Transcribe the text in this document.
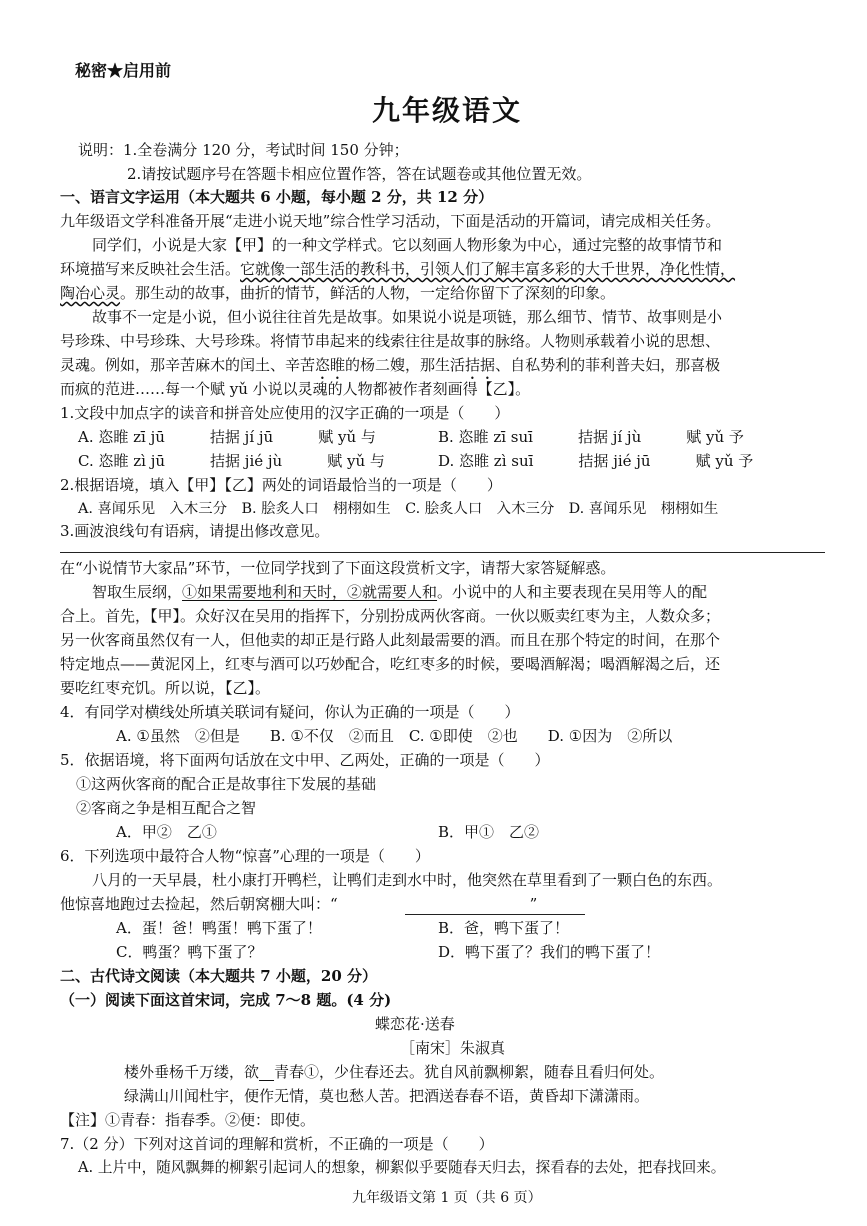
秘密★启用前
九年级语文
说明：1.全卷满分 120 分，考试时间 150 分钟；
2.请按试题序号在答题卡相应位置作答，答在试题卷或其他位置无效。
一、语言文字运用（本大题共 6 小题，每小题 2 分，共 12 分）
九年级语文学科准备开展“走进小说天地”综合性学习活动，下面是活动的开篇词，请完成相关任务。
同学们，小说是大家【甲】的一种文学样式。它以刻画人物形象为中心，通过完整的故事情节和
环境描写来反映社会生活。它就像一部生活的教科书，引领人们了解丰富多彩的大千世界，净化性情，
陶冶心灵。那生动的故事，曲折的情节，鲜活的人物，一定给你留下了深刻的印象。
故事不一定是小说，但小说往往首先是故事。如果说小说是项链，那么细节、情节、故事则是小
号珍珠、中号珍珠、大号珍珠。将情节串起来的线索往往是故事的脉络。人物则承载着小说的思想、
灵魂。例如，那辛苦麻木的闰土、辛苦恣睢的杨二嫂，那生活拮据、自私势利的菲利普夫妇，那喜极
而疯的范进……每一个赋 yǔ 小说以灵魂的人物都被作者刻画得【乙】。
1.文段中加点字的读音和拼音处应使用的汉字正确的一项是（　　）
A. 恣睢 zī jū　　　拮据 jí jū　　　赋 yǔ 与	B. 恣睢 zī suī　　　拮据 jí jù　　　赋 yǔ 予
C. 恣睢 zì jū　　　拮据 jié jù　　　赋 yǔ 与	D. 恣睢 zì suī　　　拮据 jié jū　　　赋 yǔ 予
2.根据语境，填入【甲】【乙】两处的词语最恰当的一项是（　　）
A. 喜闻乐见　入木三分　B. 脍炙人口　栩栩如生　C. 脍炙人口　入木三分　D. 喜闻乐见　栩栩如生
3.画波浪线句有语病，请提出修改意见。
在“小说情节大家品”环节，一位同学找到了下面这段赏析文字，请帮大家答疑解惑。
智取生辰纲，①如果需要地利和天时，②就需要人和。小说中的人和主要表现在吴用等人的配
合上。首先，【甲】。众好汉在吴用的指挥下，分别扮成两伙客商。一伙以贩卖红枣为主，人数众多；
另一伙客商虽然仅有一人，但他卖的却正是行路人此刻最需要的酒。而且在那个特定的时间，在那个
特定地点——黄泥冈上，红枣与酒可以巧妙配合，吃红枣多的时候，要喝酒解渴；喝酒解渴之后，还
要吃红枣充饥。所以说，【乙】。
4．有同学对横线处所填关联词有疑问，你认为正确的一项是（　　）
A. ①虽然　②但是　　B. ①不仅　②而且　C. ①即使　②也　　D. ①因为　②所以
5．依据语境，将下面两句话放在文中甲、乙两处，正确的一项是（　　）
①这两伙客商的配合正是故事往下发展的基础
②客商之争是相互配合之智
A．甲②　乙①	B．甲①　乙②
6．下列选项中最符合人物“惊喜”心理的一项是（　　）
八月的一天早晨，杜小康打开鸭栏，让鸭们走到水中时，他突然在草里看到了一颗白色的东西。
他惊喜地跑过去捡起，然后朝窝棚大叫：“	”
A．蛋！爸！鸭蛋！鸭下蛋了！	B．爸，鸭下蛋了！
C．鸭蛋？鸭下蛋了？	D．鸭下蛋了？我们的鸭下蛋了！
二、古代诗文阅读（本大题共 7 小题，20 分）
（一）阅读下面这首宋词，完成 7～8 题。(4 分)
蝶恋花·送春
［南宋］朱淑真
楼外垂杨千万缕，欲　 青春①，少住春还去。犹自风前飘柳絮，随春且看归何处。
绿满山川闻杜宇，便作无情，莫也愁人苦。把酒送春春不语，黄昏却下潇潇雨。
【注】①青春：指春季。②便：即使。
7.（2 分）下列对这首词的理解和赏析，不正确的一项是（　　）
A. 上片中，随风飘舞的柳絮引起词人的想象，柳絮似乎要随春天归去，探看春的去处，把春找回来。
九年级语文第 1 页（共 6 页）
